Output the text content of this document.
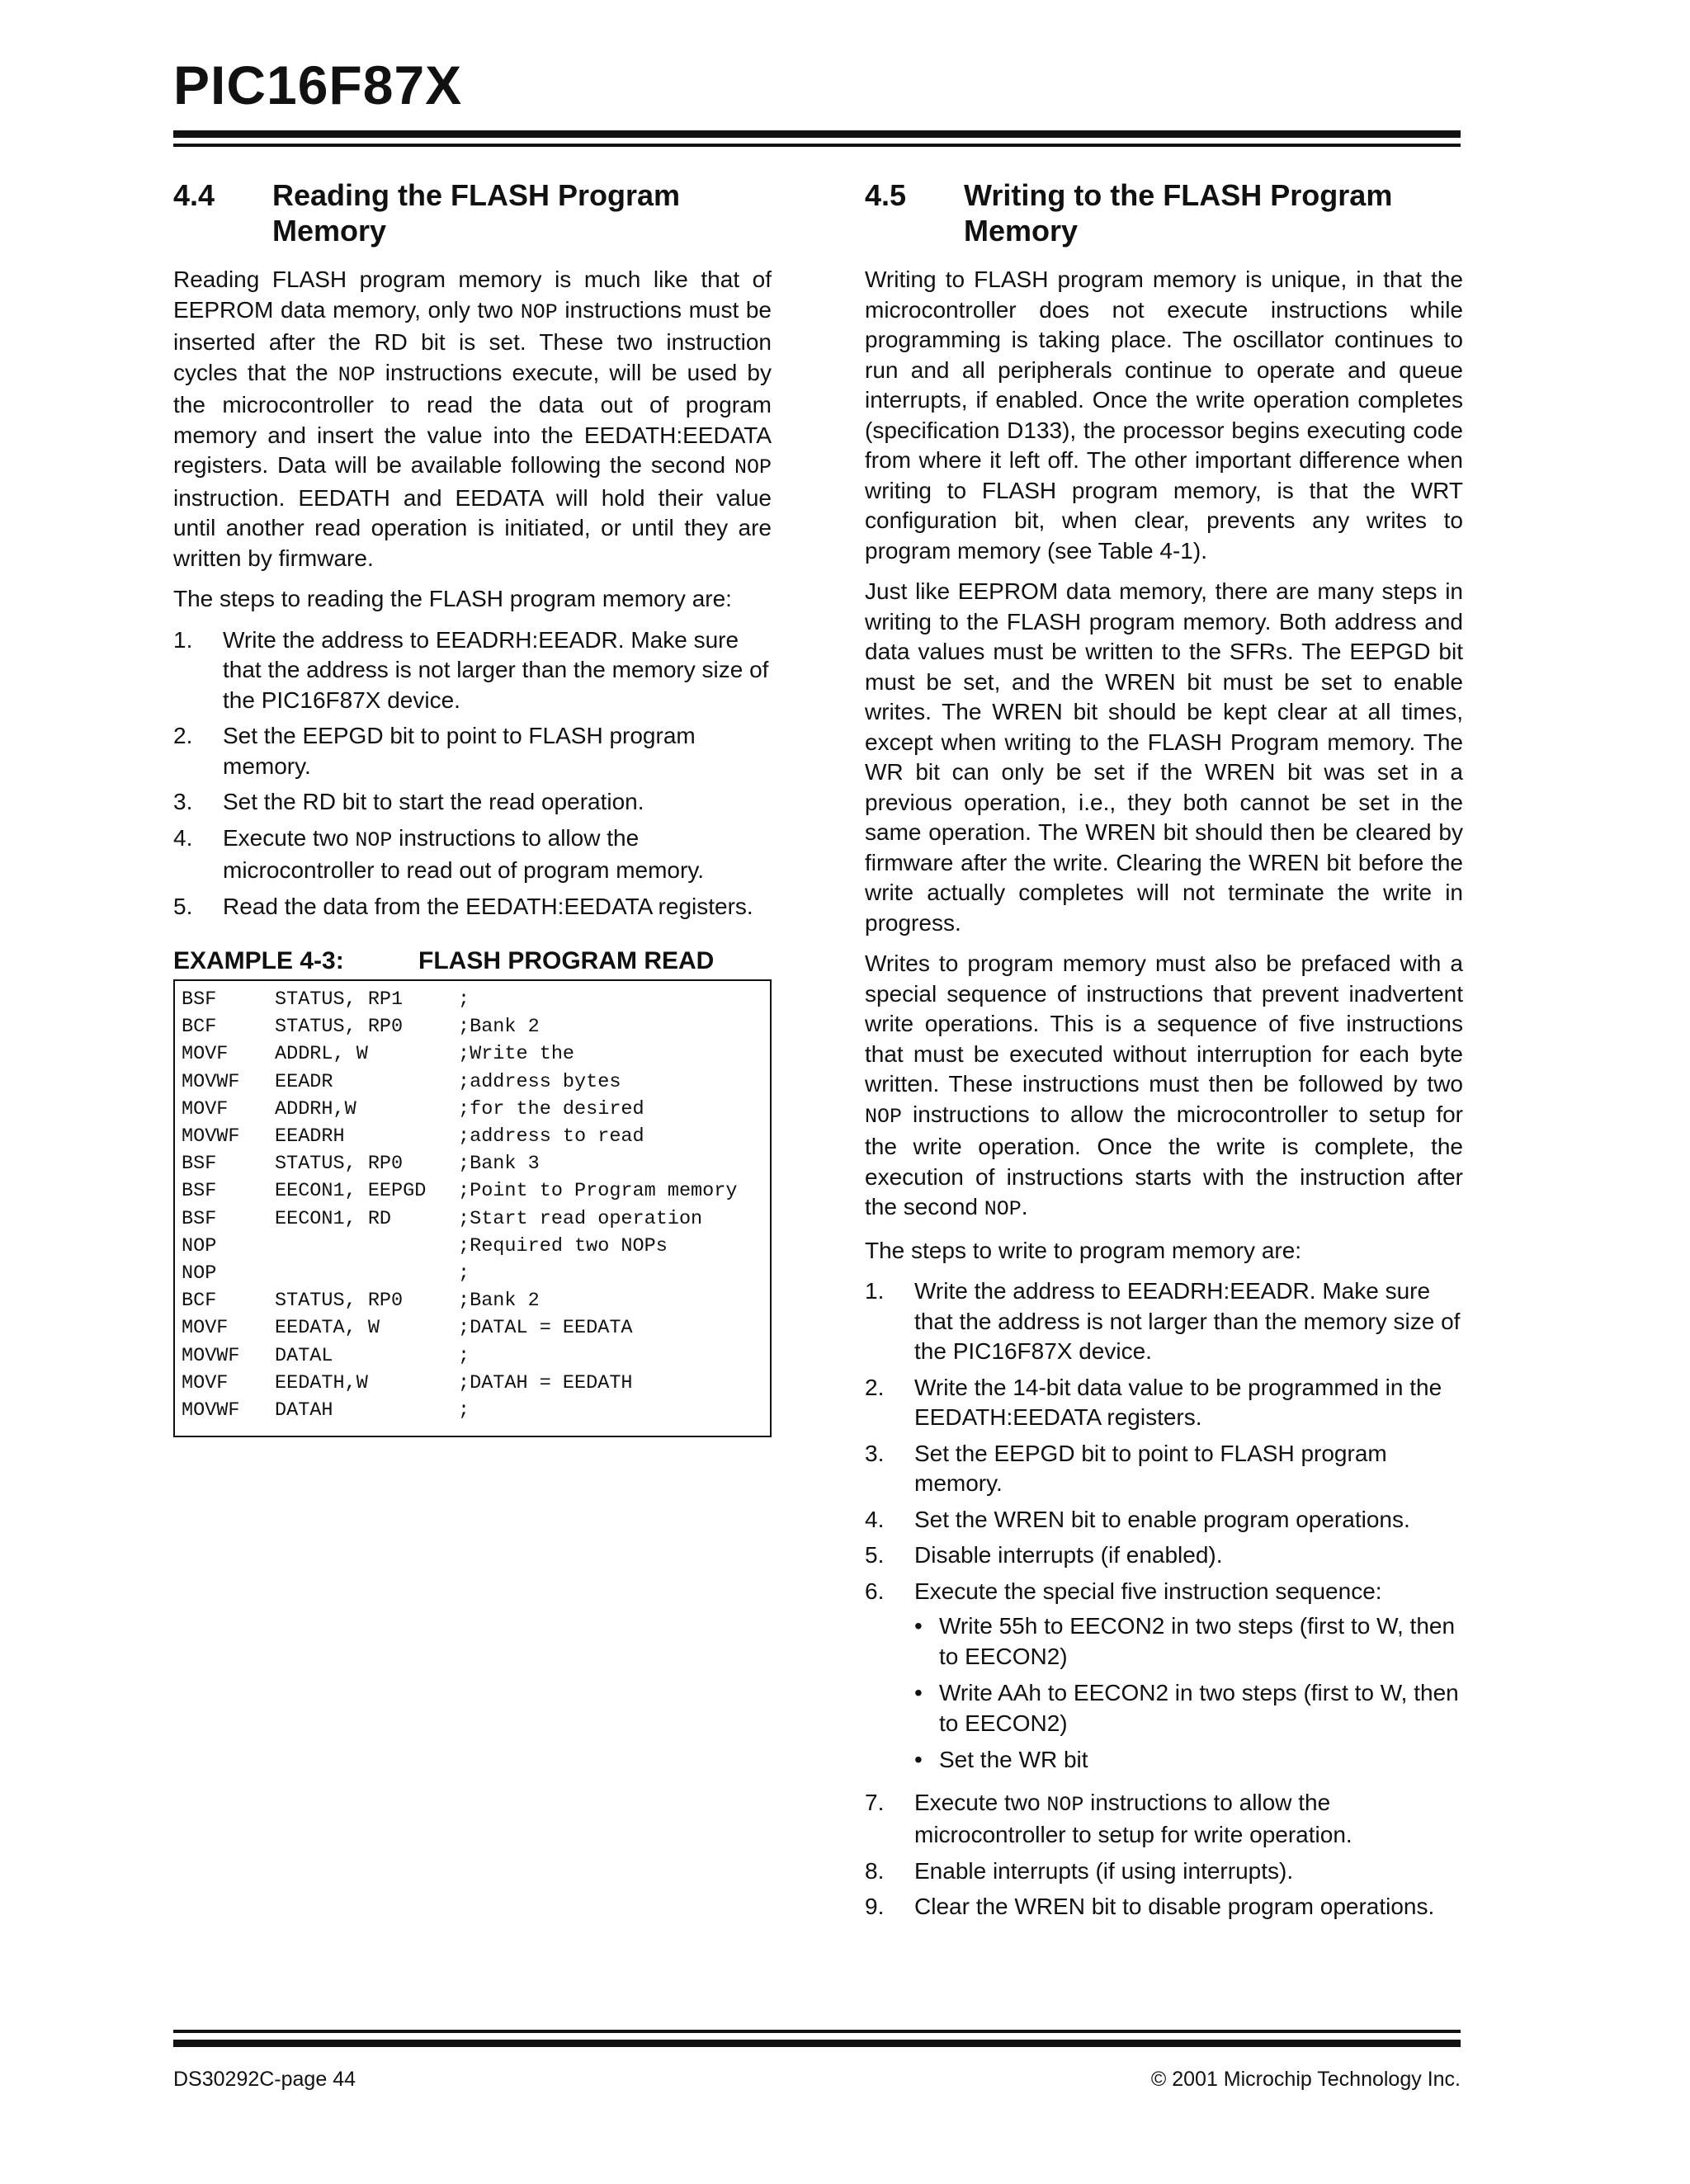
PIC16F87X
4.4	Reading the FLASH Program Memory

Reading FLASH program memory is much like that of EEPROM data memory, only two NOP instructions must be inserted after the RD bit is set. These two instruction cycles that the NOP instructions execute, will be used by the microcontroller to read the data out of program memory and insert the value into the EEDATH:EEDATA registers. Data will be available following the second NOP instruction. EEDATH and EEDATA will hold their value until another read operation is initiated, or until they are written by firmware.

The steps to reading the FLASH program memory are:

1.	Write the address to EEADRH:EEADR. Make sure that the address is not larger than the memory size of the PIC16F87X device.
2.	Set the EEPGD bit to point to FLASH program memory.
3.	Set the RD bit to start the read operation.
4.	Execute two NOP instructions to allow the microcontroller to read out of program memory.
5.	Read the data from the EEDATH:EEDATA registers.
EXAMPLE 4-3:	FLASH PROGRAM READ
BSF	STATUS, RP1	;
BCF	STATUS, RP0	;Bank 2
MOVF	ADDRL, W	;Write the
MOVWF	EEADR	;address bytes
MOVF	ADDRH,W	;for the desired
MOVWF	EEADRH	;address to read
BSF	STATUS, RP0	;Bank 3
BSF	EECON1, EEPGD	;Point to Program memory
BSF	EECON1, RD	;Start read operation
NOP	;Required two NOPs
NOP	;
BCF	STATUS, RP0	;Bank 2
MOVF	EEDATA, W	;DATAL = EEDATA
MOVWF	DATAL	;
MOVF	EEDATH,W	;DATAH = EEDATH
MOVWF	DATAH	;
4.5	Writing to the FLASH Program Memory

Writing to FLASH program memory is unique, in that the microcontroller does not execute instructions while programming is taking place. The oscillator continues to run and all peripherals continue to operate and queue interrupts, if enabled. Once the write operation completes (specification D133), the processor begins executing code from where it left off. The other important difference when writing to FLASH program memory, is that the WRT configuration bit, when clear, prevents any writes to program memory (see Table 4-1).

Just like EEPROM data memory, there are many steps in writing to the FLASH program memory. Both address and data values must be written to the SFRs. The EEPGD bit must be set, and the WREN bit must be set to enable writes. The WREN bit should be kept clear at all times, except when writing to the FLASH Program memory. The WR bit can only be set if the WREN bit was set in a previous operation, i.e., they both cannot be set in the same operation. The WREN bit should then be cleared by firmware after the write. Clearing the WREN bit before the write actually completes will not terminate the write in progress.

Writes to program memory must also be prefaced with a special sequence of instructions that prevent inadvertent write operations. This is a sequence of five instructions that must be executed without interruption for each byte written. These instructions must then be followed by two NOP instructions to allow the microcontroller to setup for the write operation. Once the write is complete, the execution of instructions starts with the instruction after the second NOP.

The steps to write to program memory are:

1.	Write the address to EEADRH:EEADR. Make sure that the address is not larger than the memory size of the PIC16F87X device.
2.	Write the 14-bit data value to be programmed in the EEDATH:EEDATA registers.
3.	Set the EEPGD bit to point to FLASH program memory.
4.	Set the WREN bit to enable program operations.
5.	Disable interrupts (if enabled).
6.	Execute the special five instruction sequence:
• Write 55h to EECON2 in two steps (first to W, then to EECON2)
• Write AAh to EECON2 in two steps (first to W, then to EECON2)
• Set the WR bit
7.	Execute two NOP instructions to allow the microcontroller to setup for write operation.
8.	Enable interrupts (if using interrupts).
9.	Clear the WREN bit to disable program operations.
DS30292C-page 44	© 2001 Microchip Technology Inc.
